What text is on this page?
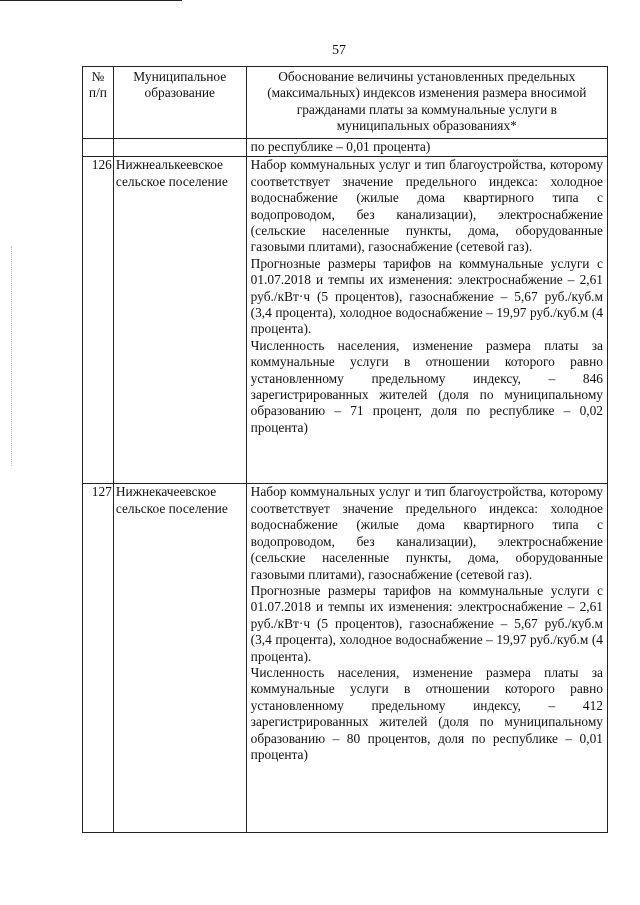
57
№ п/п	Муниципальное образование	Обоснование величины установленных предельных (максимальных) индексов изменения размера вносимой гражданами платы за коммунальные услуги в муниципальных образованиях*
		по республике – 0,01 процента)
126	Нижнеалькеевское сельское поселение	Набор коммунальных услуг и тип благоустройства, которому соответствует значение предельного индекса: холодное водоснабжение (жилые дома квартирного типа с водопроводом, без канализации), электроснабжение (сельские населенные пункты, дома, оборудованные газовыми плитами), газоснабжение (сетевой газ).
Прогнозные размеры тарифов на коммунальные услуги с 01.07.2018 и темпы их изменения: электроснабжение – 2,61 руб./кВт·ч (5 процентов), газоснабжение – 5,67 руб./куб.м (3,4 процента), холодное водоснабжение – 19,97 руб./куб.м (4 процента).
Численность населения, изменение размера платы за коммунальные услуги в отношении которого равно установленному предельному индексу, – 846 зарегистрированных жителей (доля по муниципальному образованию – 71 процент, доля по республике – 0,02 процента)

127	Нижнекачеевское сельское поселение	Набор коммунальных услуг и тип благоустройства, которому соответствует значение предельного индекса: холодное водоснабжение (жилые дома квартирного типа с водопроводом, без канализации), электроснабжение (сельские населенные пункты, дома, оборудованные газовыми плитами), газоснабжение (сетевой газ).
Прогнозные размеры тарифов на коммунальные услуги с 01.07.2018 и темпы их изменения: электроснабжение – 2,61 руб./кВт·ч (5 процентов), газоснабжение – 5,67 руб./куб.м (3,4 процента), холодное водоснабжение – 19,97 руб./куб.м (4 процента).
Численность населения, изменение размера платы за коммунальные услуги в отношении которого равно установленному предельному индексу, – 412 зарегистрированных жителей (доля по муниципальному образованию – 80 процентов, доля по республике – 0,01 процента)
